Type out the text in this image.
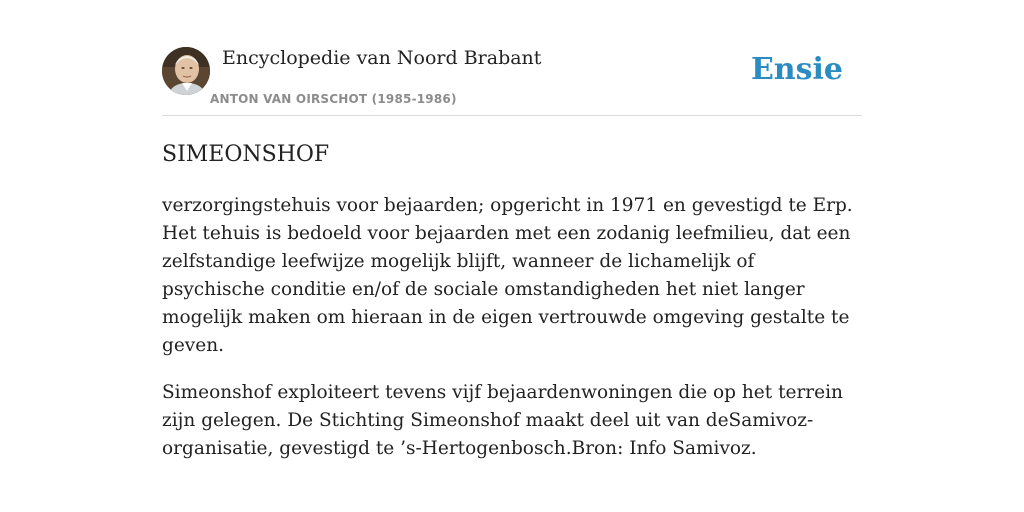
Encyclopedie van Noord Brabant
ANTON VAN OIRSCHOT (1985-1986)
Ensie
SIMEONSHOF

verzorgingstehuis voor bejaarden; opgericht in 1971 en gevestigd te Erp. Het tehuis is bedoeld voor bejaarden met een zodanig leefmilieu, dat een zelfstandige leefwijze mogelijk blijft, wanneer de lichamelijk of psychische conditie en/of de sociale omstandigheden het niet langer mogelijk maken om hieraan in de eigen vertrouwde omgeving gestalte te geven.

Simeonshof exploiteert tevens vijf bejaardenwoningen die op het terrein zijn gelegen. De Stichting Simeonshof maakt deel uit van deSamivoz-organisatie, gevestigd te ’s-Hertogenbosch.Bron: Info Samivoz.
